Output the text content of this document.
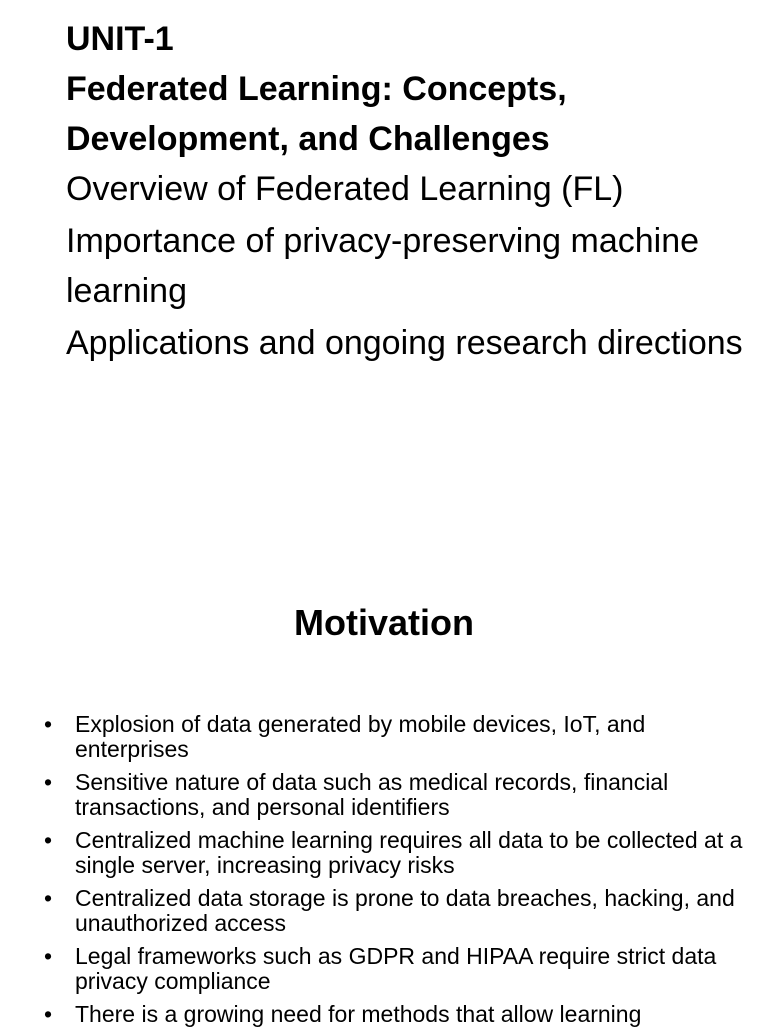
UNIT-1
Federated Learning: Concepts,
Development, and Challenges
Overview of Federated Learning (FL)
Importance of privacy-preserving machine learning
Applications and ongoing research directions
Motivation
• Explosion of data generated by mobile devices, IoT, and enterprises
• Sensitive nature of data such as medical records, financial transactions, and personal identifiers
• Centralized machine learning requires all data to be collected at a single server, increasing privacy risks
• Centralized data storage is prone to data breaches, hacking, and unauthorized access
• Legal frameworks such as GDPR and HIPAA require strict data privacy compliance
• There is a growing need for methods that allow learning
